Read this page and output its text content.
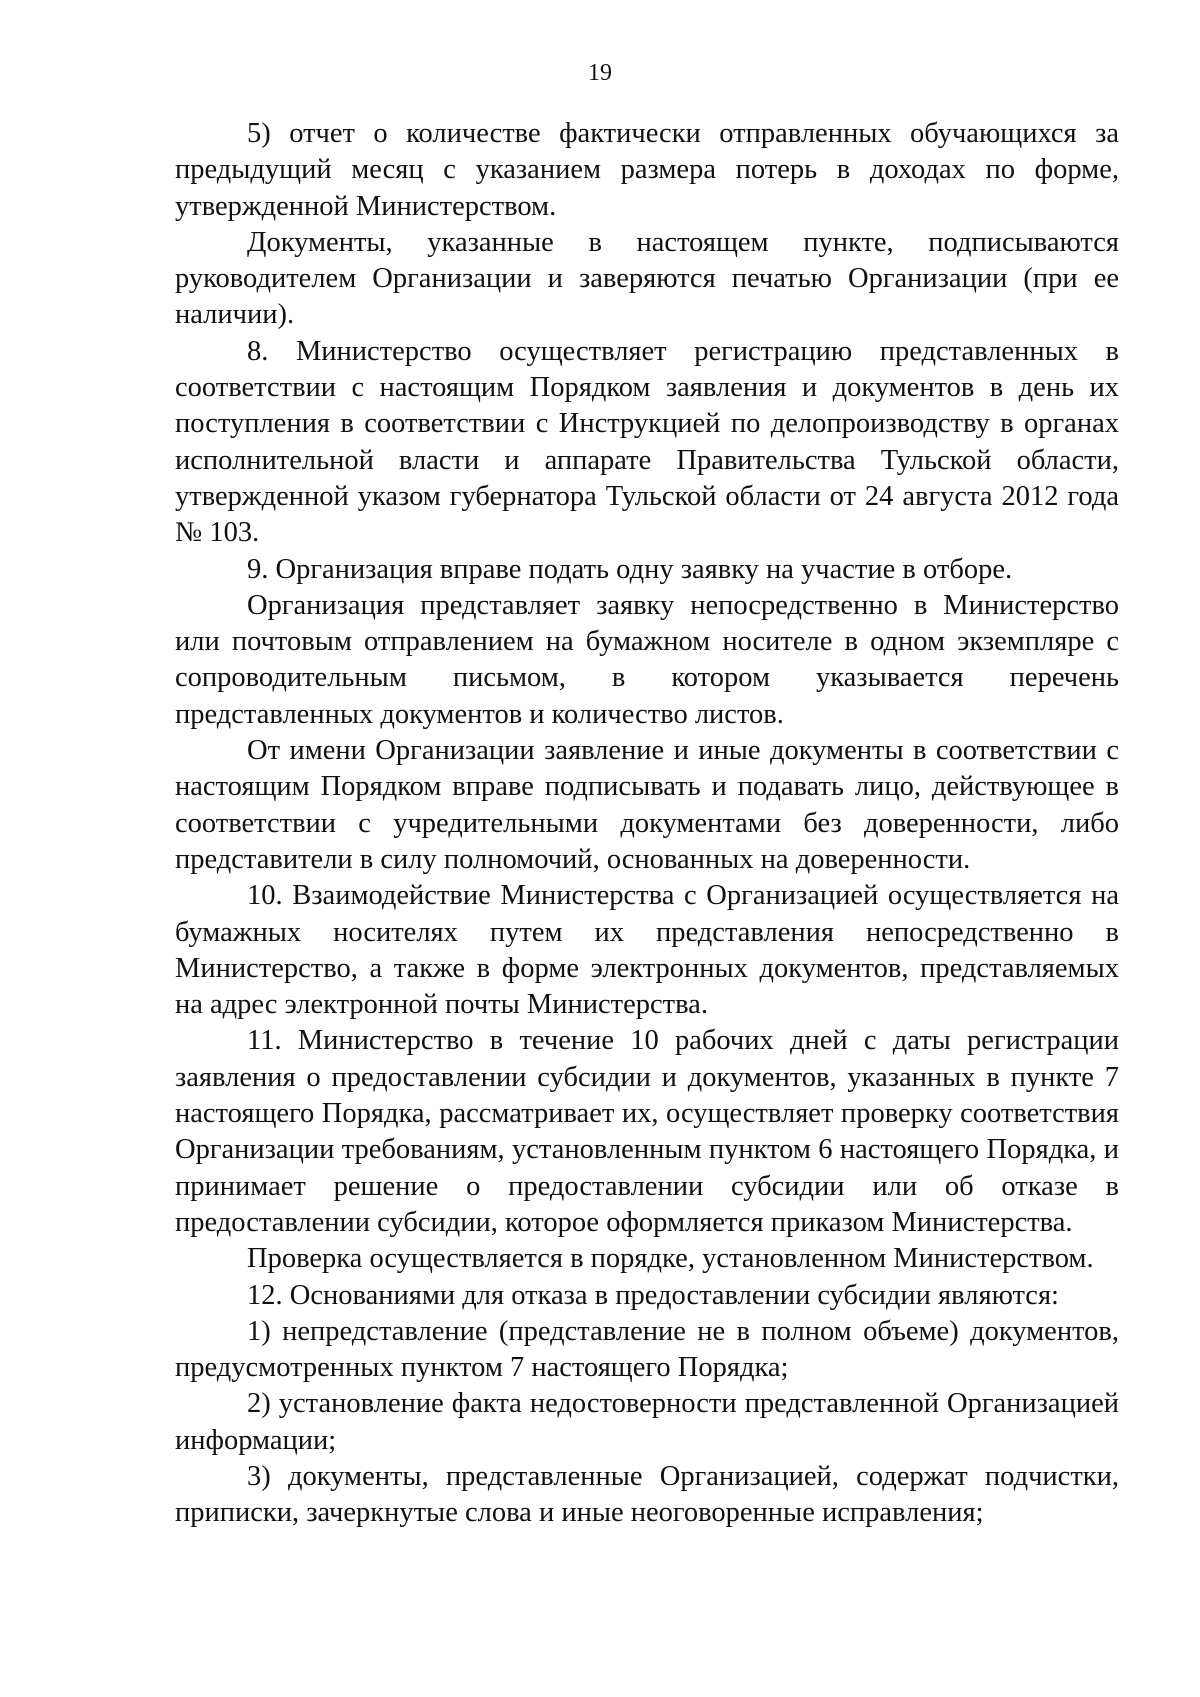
19

5) отчет о количестве фактически отправленных обучающихся за предыдущий месяц с указанием размера потерь в доходах по форме, утвержденной Министерством.

Документы, указанные в настоящем пункте, подписываются руководителем Организации и заверяются печатью Организации (при ее наличии).

8. Министерство осуществляет регистрацию представленных в соответствии с настоящим Порядком заявления и документов в день их поступления в соответствии с Инструкцией по делопроизводству в органах исполнительной власти и аппарате Правительства Тульской области, утвержденной указом губернатора Тульской области от 24 августа 2012 года № 103.

9. Организация вправе подать одну заявку на участие в отборе.

Организация представляет заявку непосредственно в Министерство или почтовым отправлением на бумажном носителе в одном экземпляре с сопроводительным письмом, в котором указывается перечень представленных документов и количество листов.

От имени Организации заявление и иные документы в соответствии с настоящим Порядком вправе подписывать и подавать лицо, действующее в соответствии с учредительными документами без доверенности, либо представители в силу полномочий, основанных на доверенности.

10. Взаимодействие Министерства с Организацией осуществляется на бумажных носителях путем их представления непосредственно в Министерство, а также в форме электронных документов, представляемых на адрес электронной почты Министерства.

11. Министерство в течение 10 рабочих дней с даты регистрации заявления о предоставлении субсидии и документов, указанных в пункте 7 настоящего Порядка, рассматривает их, осуществляет проверку соответствия Организации требованиям, установленным пунктом 6 настоящего Порядка, и принимает решение о предоставлении субсидии или об отказе в предоставлении субсидии, которое оформляется приказом Министерства.

Проверка осуществляется в порядке, установленном Министерством.

12. Основаниями для отказа в предоставлении субсидии являются:

1) непредставление (представление не в полном объеме) документов, предусмотренных пунктом 7 настоящего Порядка;

2) установление факта недостоверности представленной Организацией информации;

3) документы, представленные Организацией, содержат подчистки, приписки, зачеркнутые слова и иные неоговоренные исправления;
